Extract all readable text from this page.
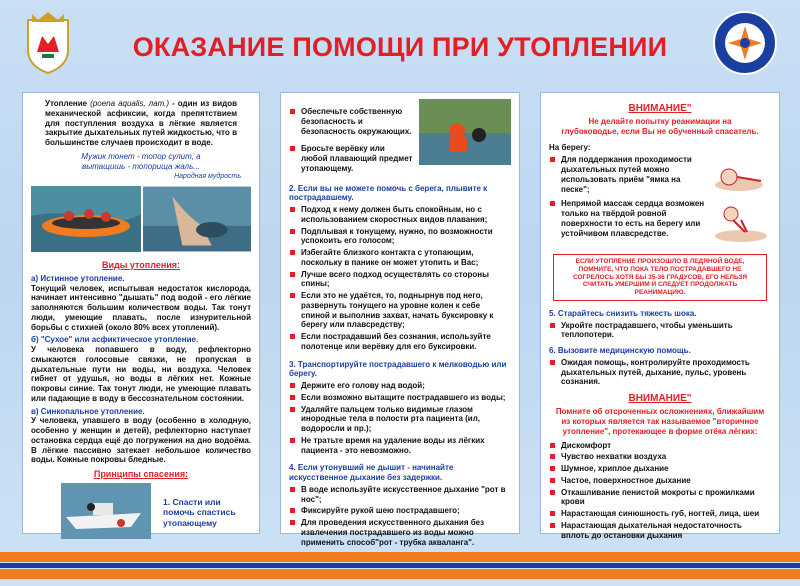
ОКАЗАНИЕ ПОМОЩИ ПРИ УТОПЛЕНИИ
Утопление (poena aqualis, лат.) - один из видов механической асфиксии, когда препятствием для поступления воздуха в лёгкие является закрытие дыхательных путей жидкостью, что в большинстве случаев происходит в воде.
Мужик тонет - топор сулит, а вытащишь - топорища жаль...
Народная мудрость
Виды утопления:
а) Истинное утопление.
Тонущий человек, испытывая недостаток кислорода, начинает интенсивно "дышать" под водой - его лёгкие заполняются большим количеством воды. Так тонут люди, умеющие плавать, после изнурительной борьбы с стихией (около 80% всех утоплений).
б) "Сухое" или асфиктическое утопление.
У человека попавшего в воду, рефлекторно смыкаются голосовые связки, не пропуская в дыхательные пути ни воды, ни воздуха. Человек гибнет от удушья, но воды в лёгких нет. Кожные покровы синие. Так тонут люди, не умеющие плавать или падающие в воду в бессознательном состоянии.
в) Синкопальное утопление.
У человека, упавшего в воду (особенно в холодную, особенно у женщин и детей), рефлекторно наступает остановка сердца ещё до погружения на дно водоёма. В лёгкие пассивно затекает небольшое количество воды. Кожные покровы бледные.
Принципы спасения:
1. Спасти или помочь спастись утопающему
Обеспечьте собственную безопасность и безопасность окружающих.
Бросьте верёвку или любой плавающий предмет утопающему.
2. Если вы не можете помочь с берега, плывите к пострадавшему.
Подход к нему должен быть спокойным, но с использованием скоростных видов плавания;
Подплывая к тонущему, нужно, по возможности успокоить его голосом;
Избегайте близкого контакта с утопающим, поскольку в панике он может утопить и Вас;
Лучше всего подход осуществлять со стороны спины;
Если это не удаётся, то, поднырнув под него, развернуть тонущего на уровне колен к себе спиной и выполнив захват, начать буксировку к берегу или плавсредству;
Если пострадавший без сознания, используйте полотенце или верёвку для его буксировки.
3. Транспортируйте пострадавшего к мелководью или берегу.
Держите его голову над водой;
Если возможно вытащите пострадавшего из воды;
Удаляйте пальцем только видимые глазом инородные тела в полости рта пациента (ил, водоросли и пр.);
Не тратьте время на удаление воды из лёгких пациента - это невозможно.
4. Если утонувший не дышит - начинайте искусственное дыхание без задержки.
В воде используйте искусственное дыхание "рот в нос";
Фиксируйте рукой шею пострадавшего;
Для проведения искусственного дыхания без извлечения пострадавшего из воды можно применить способ"рот - трубка акваланга".
ВНИМАНИЕ"
Не делайте попытку реанимации на глубоководье, если Вы не обученный спасатель.
На берегу:
Для поддержания проходимости дыхательных путей можно использовать приём "ямка на песке";
Непрямой массаж сердца возможен только на твёрдой ровной поверхности то есть на берегу или устойчивом плавсредстве.

ЕСЛИ УТОПЛЕНИЕ ПРОИЗОШЛО В ЛЕДЯНОЙ ВОДЕ, ПОМНИТЕ, ЧТО ПОКА ТЕЛО ПОСТРАДАВШЕГО НЕ СОГРЕЛОСЬ ХОТЯ БЫ 35-36 ГРАДУСОВ, ЕГО НЕЛЬЗЯ СЧИТАТЬ УМЕРШИМ И СЛЕДУЕТ ПРОДОЛЖАТЬ РЕАНИМАЦИЮ.
5. Старайтесь снизить тяжесть шока.
Укройте пострадавшего, чтобы уменьшить теплопотери.
6. Вызовите медицинскую помощь.
Ожидая помощь, контролируйте проходимость дыхательных путей, дыхание, пульс, уровень сознания.
ВНИМАНИЕ"
Помните об отсроченных осложнениях, ближайшим из которых является так называемое "вторичное утопление", протекающее в форме отёка лёгких:
Дискомфорт
Чувство нехватки воздуха
Шумное, хриплое дыхание
Частое, поверхностное дыхание
Откашливание пенистой мокроты с прожилками крови
Нарастающая синюшность губ, ногтей, лица, шеи
Нарастающая дыхательная недостаточность вплоть до остановки дыхания
